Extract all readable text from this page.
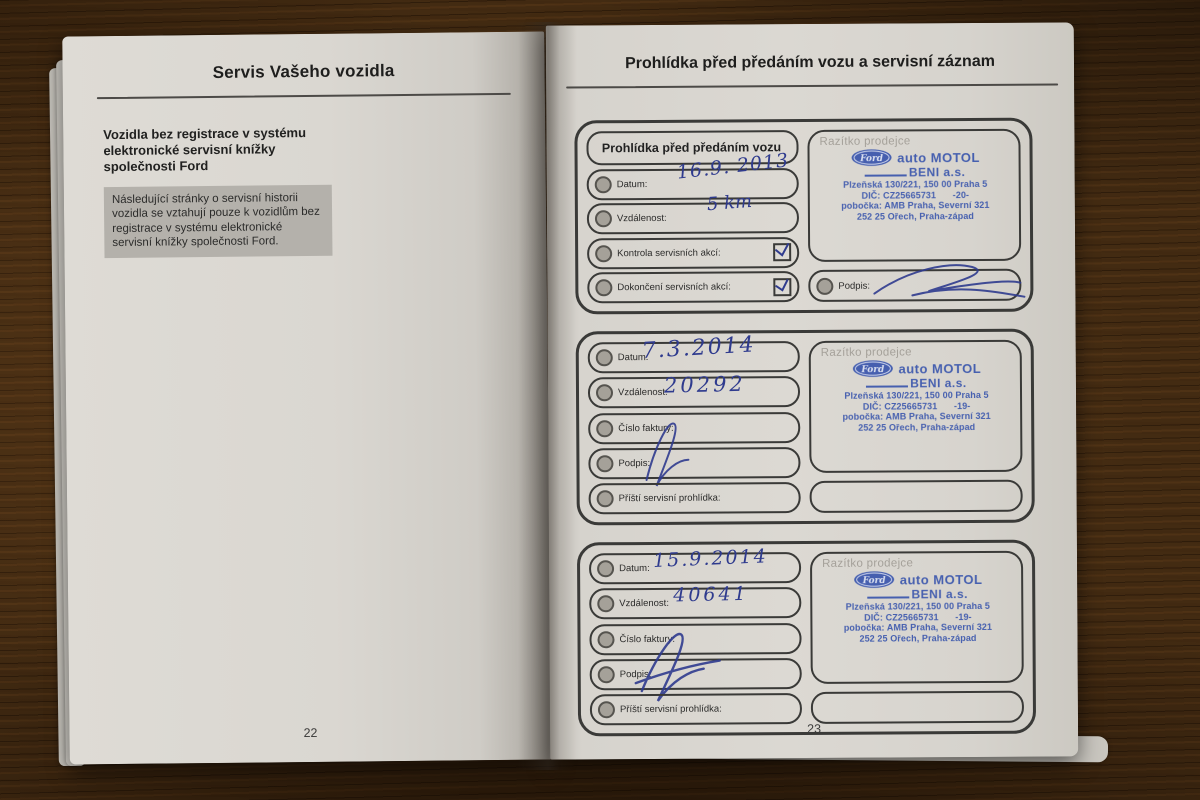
Servis Vašeho vozidla
Vozidla bez registrace v systému elektronické servisní knížky společnosti Ford
Následující stránky o servisní historii vozidla se vztahují pouze k vozidlům bez registrace v systému elektronické servisní knížky společnosti Ford.
22
Prohlídka před předáním vozu a servisní záznam
Prohlídka před předáním vozu
Datum:
16.9. 2013
Vzdálenost:
5 km
Kontrola servisních akcí:
Dokončení servisních akcí:
Razítko prodejce
Ford auto MOTOL
BENI a.s.
Plzeňská 130/221, 150 00 Praha 5
DIČ: CZ25665731 -20-
pobočka: AMB Praha, Severní 321
252 25 Ořech, Praha-západ
Podpis:
Datum:
7.3.2014
Vzdálenost:
20292
Číslo faktury:
Podpis:
Příští servisní prohlídka:
Razítko prodejce
Ford auto MOTOL
BENI a.s.
Plzeňská 130/221, 150 00 Praha 5
DIČ: CZ25665731 -19-
pobočka: AMB Praha, Severní 321
252 25 Ořech, Praha-západ
Datum: 15.9.2014
Vzdálenost: 40641
Číslo faktury:
Podpis:
Příští servisní prohlídka:
Razítko prodejce
Ford auto MOTOL
BENI a.s.
Plzeňská 130/221, 150 00 Praha 5
DIČ: CZ25665731 -19-
pobočka: AMB Praha, Severní 321
252 25 Ořech, Praha-západ
23
